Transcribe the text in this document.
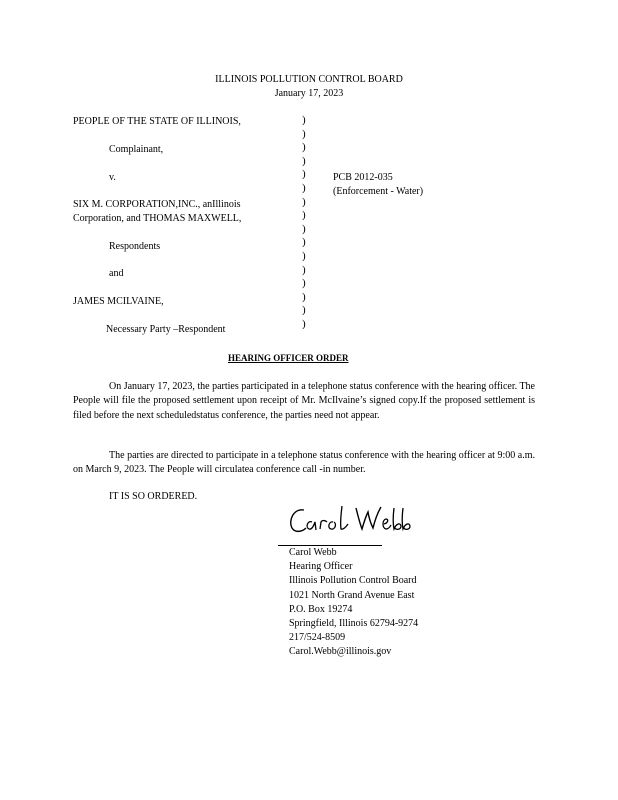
ILLINOIS POLLUTION CONTROL BOARD
January 17, 2023
PEOPLE OF THE STATE OF ILLINOIS,
Complainant,
v.
SIX M. CORPORATION,INC., anIllinois
Corporation, and THOMAS MAXWELL,
Respondents
and
JAMES MCILVAINE,
Necessary Party –Respondent
)
)
)
)
)
)
)
)
)
)
)
)
)
)
)
)
PCB 2012-035
(Enforcement - Water)
HEARING OFFICER ORDER
On January 17, 2023, the parties participated in a telephone status conference with the hearing officer. The People will file the proposed settlement upon receipt of Mr. McIlvaine’s signed copy.If the proposed settlement is filed before the next scheduledstatus conference, the parties need not appear.
The parties are directed to participate in a telephone status conference with the hearing officer at 9:00 a.m. on March 9, 2023. The People will circulatea conference call -in number.
IT IS SO ORDERED.
Carol Webb
Hearing Officer
Illinois Pollution Control Board
1021 North Grand Avenue East
P.O. Box 19274
Springfield, Illinois 62794-9274
217/524-8509
Carol.Webb@illinois.gov
